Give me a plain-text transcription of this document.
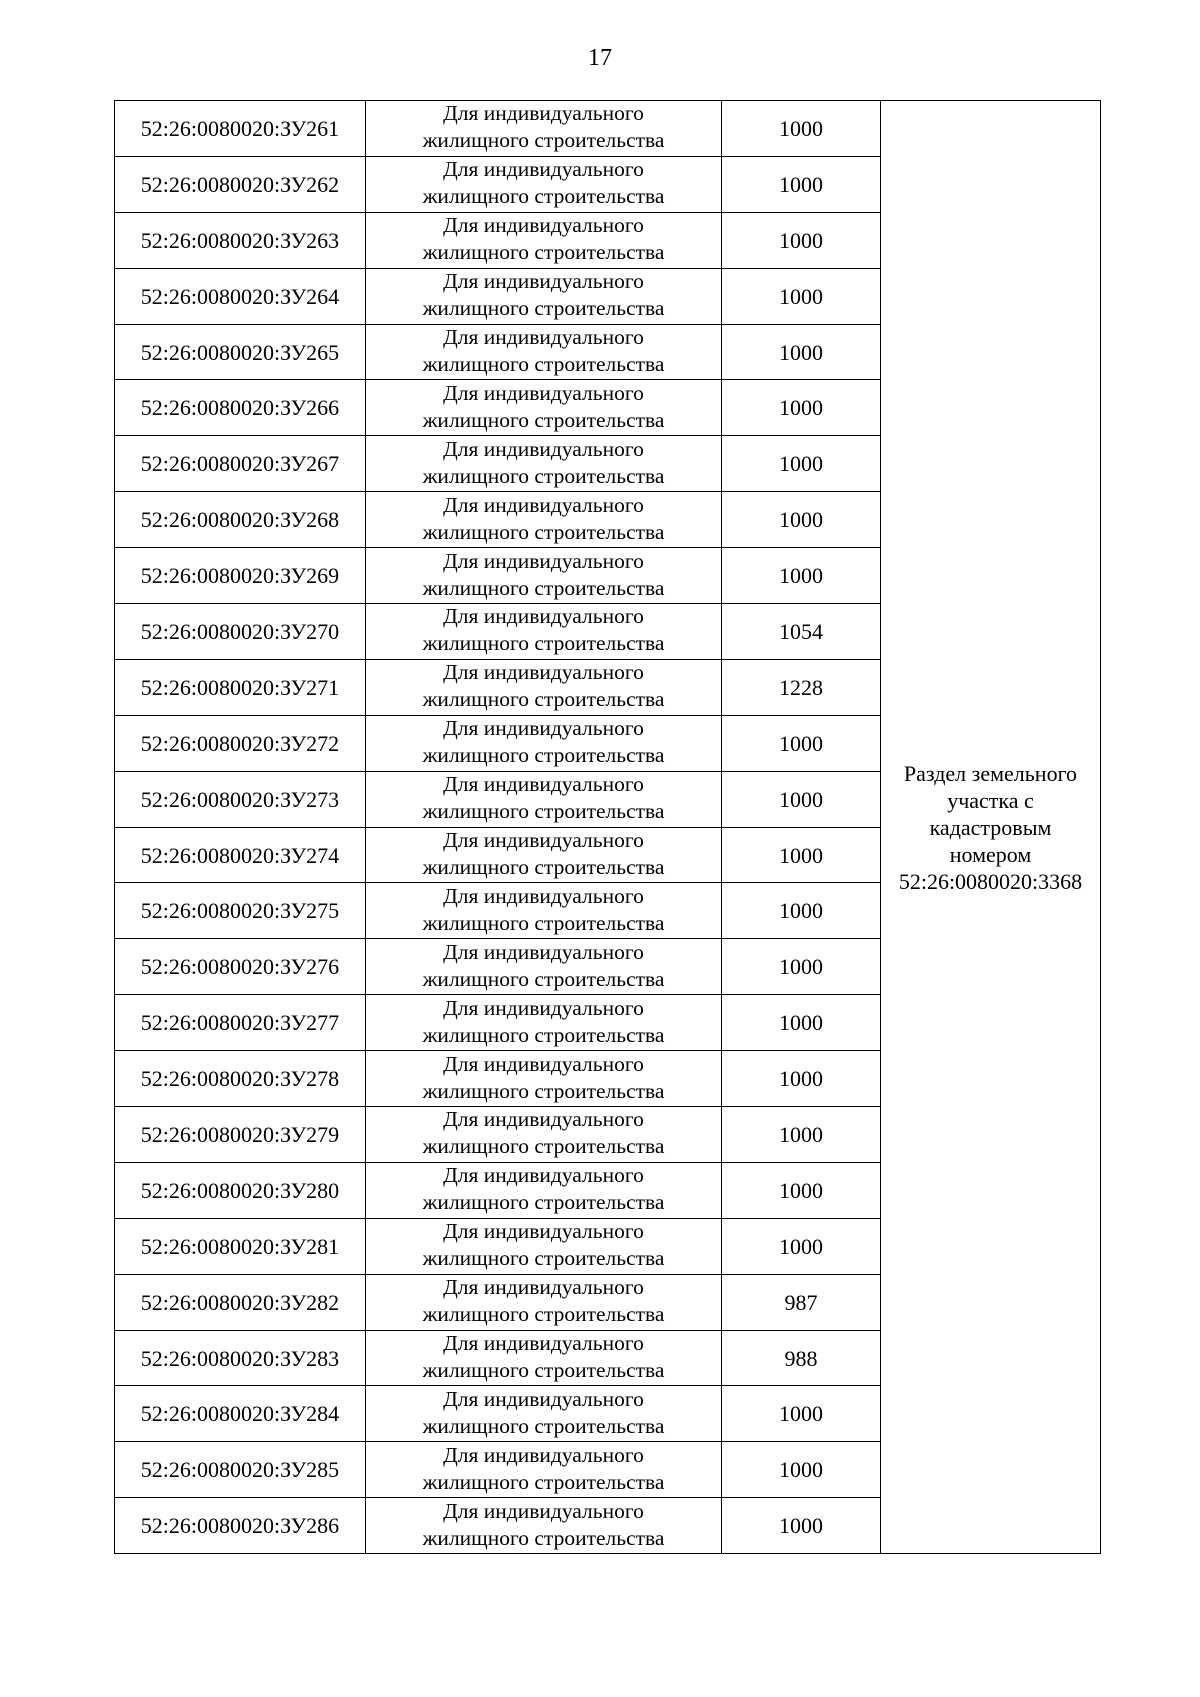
17
52:26:0080020:ЗУ261	Для индивидуального
жилищного строительства	1000	Раздел земельного
участка с
кадастровым
номером
52:26:0080020:3368
52:26:0080020:ЗУ262	Для индивидуального
жилищного строительства	1000	
52:26:0080020:ЗУ263	Для индивидуального
жилищного строительства	1000	
52:26:0080020:ЗУ264	Для индивидуального
жилищного строительства	1000	
52:26:0080020:ЗУ265	Для индивидуального
жилищного строительства	1000	
52:26:0080020:ЗУ266	Для индивидуального
жилищного строительства	1000	
52:26:0080020:ЗУ267	Для индивидуального
жилищного строительства	1000	
52:26:0080020:ЗУ268	Для индивидуального
жилищного строительства	1000	
52:26:0080020:ЗУ269	Для индивидуального
жилищного строительства	1000	
52:26:0080020:ЗУ270	Для индивидуального
жилищного строительства	1054	
52:26:0080020:ЗУ271	Для индивидуального
жилищного строительства	1228	
52:26:0080020:ЗУ272	Для индивидуального
жилищного строительства	1000	
52:26:0080020:ЗУ273	Для индивидуального
жилищного строительства	1000	
52:26:0080020:ЗУ274	Для индивидуального
жилищного строительства	1000	
52:26:0080020:ЗУ275	Для индивидуального
жилищного строительства	1000	
52:26:0080020:ЗУ276	Для индивидуального
жилищного строительства	1000	
52:26:0080020:ЗУ277	Для индивидуального
жилищного строительства	1000	
52:26:0080020:ЗУ278	Для индивидуального
жилищного строительства	1000	
52:26:0080020:ЗУ279	Для индивидуального
жилищного строительства	1000	
52:26:0080020:ЗУ280	Для индивидуального
жилищного строительства	1000	
52:26:0080020:ЗУ281	Для индивидуального
жилищного строительства	1000	
52:26:0080020:ЗУ282	Для индивидуального
жилищного строительства	987	
52:26:0080020:ЗУ283	Для индивидуального
жилищного строительства	988	
52:26:0080020:ЗУ284	Для индивидуального
жилищного строительства	1000	
52:26:0080020:ЗУ285	Для индивидуального
жилищного строительства	1000	
52:26:0080020:ЗУ286	Для индивидуального
жилищного строительства	1000	
